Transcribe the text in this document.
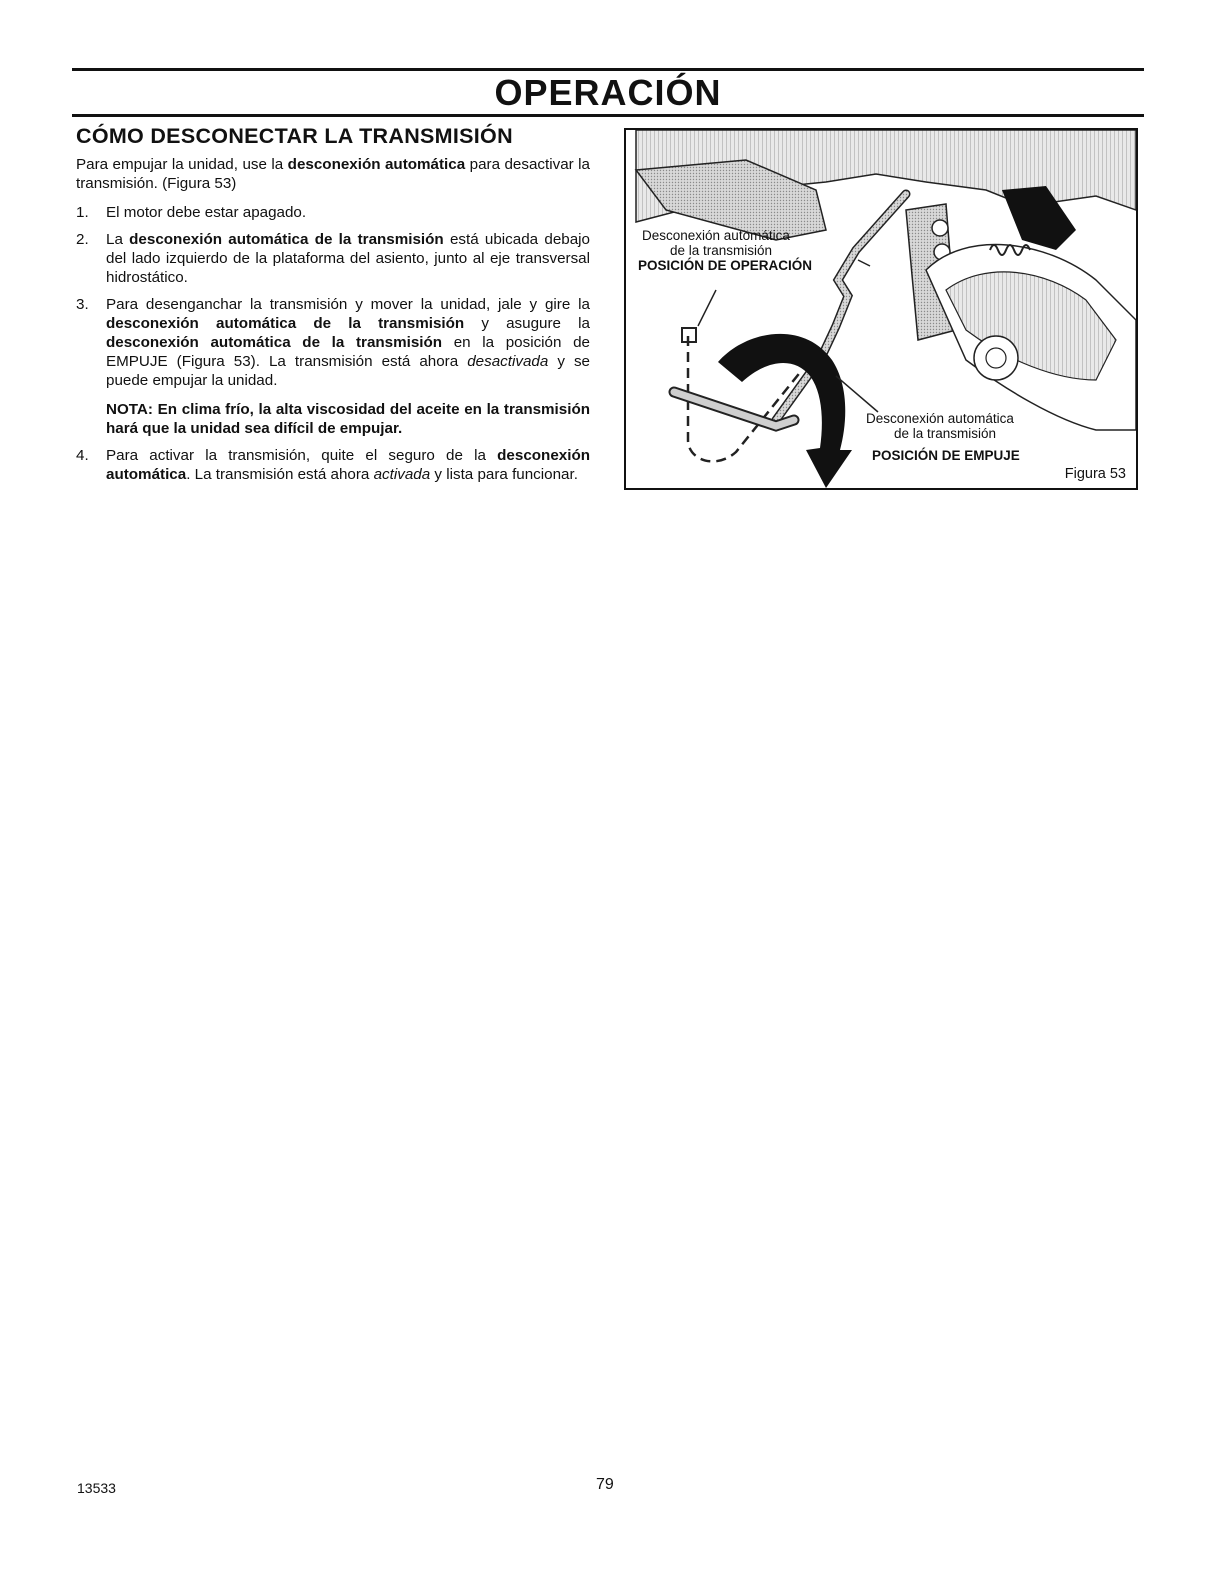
OPERACIÓN
CÓMO DESCONECTAR LA TRANSMISIÓN

Para empujar la unidad, use la desconexión automática para desactivar la transmisión. (Figura 53)

1.	El motor debe estar apagado.
2.	La desconexión automática de la transmisión está ubicada debajo del lado izquierdo de la plataforma del asiento, junto al eje transversal hidrostático.
3.	Para desenganchar la transmisión y mover la unidad, jale y gire la desconexión automática de la transmisión y asugure la desconexión automática de la transmisión en la posición de EMPUJE (Figura 53). La transmisión está ahora desactivada y se puede empujar la unidad.
NOTA: En clima frío, la alta viscosidad del aceite en la transmisión hará que la unidad sea difícil de empujar.
4.	Para activar la transmisión, quite el seguro de la desconexión automática. La transmisión está ahora activada y lista para funcionar.
Desconexión automática
de la transmisión
POSICIÓN DE OPERACIÓN
Desconexión automática
de la transmisión
POSICIÓN DE EMPUJE
Figura 53
13533	79
